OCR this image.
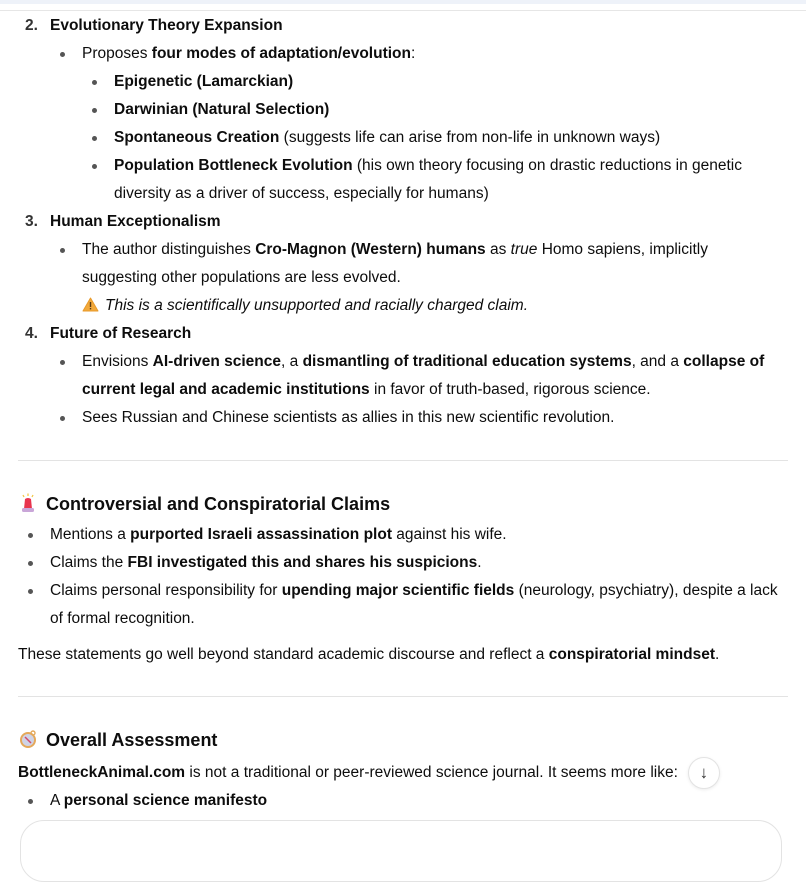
2. Evolutionary Theory Expansion
Proposes four modes of adaptation/evolution:
Epigenetic (Lamarckian)
Darwinian (Natural Selection)
Spontaneous Creation (suggests life can arise from non-life in unknown ways)
Population Bottleneck Evolution (his own theory focusing on drastic reductions in genetic
diversity as a driver of success, especially for humans)
3. Human Exceptionalism
The author distinguishes Cro-Magnon (Western) humans as true Homo sapiens, implicitly
suggesting other populations are less evolved.
This is a scientifically unsupported and racially charged claim.
4. Future of Research
Envisions AI-driven science, a dismantling of traditional education systems, and a collapse of
current legal and academic institutions in favor of truth-based, rigorous science.
Sees Russian and Chinese scientists as allies in this new scientific revolution.
Controversial and Conspiratorial Claims
Mentions a purported Israeli assassination plot against his wife.
Claims the FBI investigated this and shares his suspicions.
Claims personal responsibility for upending major scientific fields (neurology, psychiatry), despite a lack
of formal recognition.
These statements go well beyond standard academic discourse and reflect a conspiratorial mindset.
Overall Assessment
BottleneckAnimal.com is not a traditional or peer-reviewed science journal. It seems more like:
A personal science manifesto
↓
